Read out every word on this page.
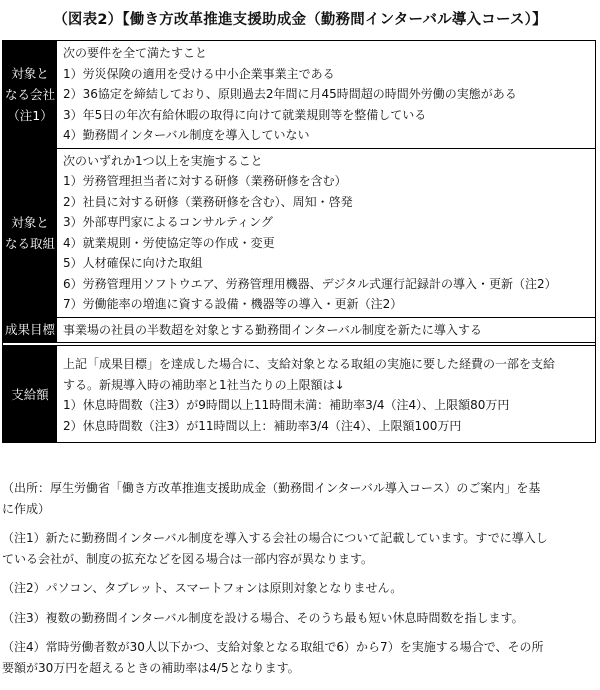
（図表2）【働き方改革推進支援助成金（勤務間インターバル導入コース）】
対象と
なる会社
（注1）
次の要件を全て満たすこと
1）労災保険の適用を受ける中小企業事業主である
2）36協定を締結しており、原則過去2年間に月45時間超の時間外労働の実態がある
3）年5日の年次有給休暇の取得に向けて就業規則等を整備している
4）勤務間インターバル制度を導入していない
対象と
なる取組
次のいずれか1つ以上を実施すること
1）労務管理担当者に対する研修（業務研修を含む）
2）社員に対する研修（業務研修を含む）、周知・啓発
3）外部専門家によるコンサルティング
4）就業規則・労使協定等の作成・変更
5）人材確保に向けた取組
6）労務管理用ソフトウエア、労務管理用機器、デジタル式運行記録計の導入・更新（注2）
7）労働能率の増進に資する設備・機器等の導入・更新（注2）
成果目標 事業場の社員の半数超を対象とする勤務間インターバル制度を新たに導入する
支給額
上記「成果目標」を達成した場合に、支給対象となる取組の実施に要した経費の一部を支給
する。新規導入時の補助率と1社当たりの上限額は↓
1）休息時間数（注3）が9時間以上11時間未満：補助率3/4（注4）、上限額80万円
2）休息時間数（注3）が11時間以上：補助率3/4（注4）、上限額100万円
（出所：厚生労働省「働き方改革推進支援助成金（勤務間インターバル導入コース）のご案内」を基
に作成）
（注1）新たに勤務間インターバル制度を導入する会社の場合について記載しています。すでに導入し
ている会社が、制度の拡充などを図る場合は一部内容が異なります。
（注2）パソコン、タブレット、スマートフォンは原則対象となりません。
（注3）複数の勤務間インターバル制度を設ける場合、そのうち最も短い休息時間数を指します。
（注4）常時労働者数が30人以下かつ、支給対象となる取組で6）から7）を実施する場合で、その所
要額が30万円を超えるときの補助率は4/5となります。
